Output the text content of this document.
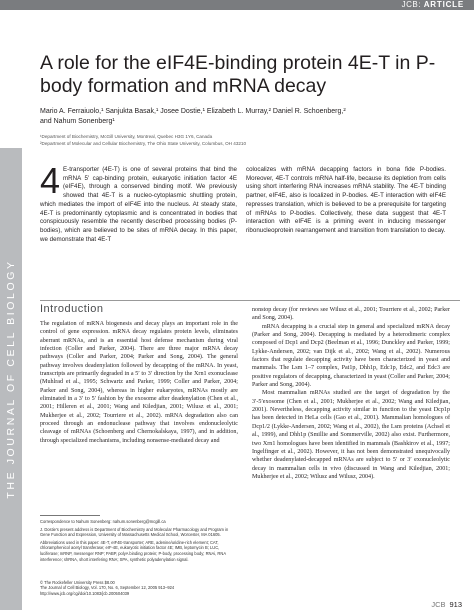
JCB: ARTICLE
THE JOURNAL OF CELL BIOLOGY
A role for the eIF4E-binding protein 4E-T in P-body formation and mRNA decay
Mario A. Ferraiuolo,¹ Sanjukta Basak,¹ Josee Dostie,¹ Elizabeth L. Murray,² Daniel R. Schoenberg,²
and Nahum Sonenberg¹
¹Department of Biochemistry, McGill University, Montreal, Quebec H3G 1Y6, Canada
²Department of Molecular and Cellular Biochemistry, The Ohio State University, Columbus, OH 43210
4 E-transporter (4E-T) is one of several proteins that bind the mRNA 5′ cap-binding protein, eukaryotic initiation factor 4E (eIF4E), through a conserved binding motif. We previously showed that 4E-T is a nucleo-cytoplasmic shuttling protein, which mediates the import of eIF4E into the nucleus. At steady state, 4E-T is predominantly cytoplasmic and is concentrated in bodies that conspicuously resemble the recently described processing bodies (P-bodies), which are believed to be sites of mRNA decay. In this paper, we demonstrate that 4E-T
colocalizes with mRNA decapping factors in bona fide P-bodies. Moreover, 4E-T controls mRNA half-life, because its depletion from cells using short interfering RNA increases mRNA stability. The 4E-T binding partner, eIF4E, also is localized in P-bodies. 4E-T interaction with eIF4E represses translation, which is believed to be a prerequisite for targeting of mRNAs to P-bodies. Collectively, these data suggest that 4E-T interaction with eIF4E is a priming event in inducing messenger ribonucleoprotein rearrangement and transition from translation to decay.
Introduction

The regulation of mRNA biogenesis and decay plays an important role in the control of gene expression. mRNA decay regulates protein levels, eliminates aberrant mRNAs, and is an essential host defense mechanism during viral infection (Coller and Parker, 2004). There are three major mRNA decay pathways (Coller and Parker, 2004; Parker and Song, 2004). The general pathway involves deadenylation followed by decapping of the mRNA. In yeast, transcripts are primarily degraded in a 5′ to 3′ direction by the Xrn1 exonuclease (Muhlrad et al., 1995; Schwartz and Parker, 1999; Coller and Parker, 2004; Parker and Song, 2004), whereas in higher eukaryotes, mRNAs mostly are eliminated in a 3′ to 5′ fashion by the exosome after deadenylation (Chen et al., 2001; Hilleren et al., 2001; Wang and Kiledjian, 2001; Wilusz et al., 2001; Mukherjee et al., 2002; Tourriere et al., 2002). mRNA degradation also can proceed through an endonuclease pathway that involves endonucleolytic cleavage of mRNAs (Schoenberg and Chernokalskaya, 1997), and in addition, through specialized mechanisms, including nonsense-mediated decay and

nonstop decay (for reviews see Wilusz et al., 2001; Tourriere et al., 2002; Parker and Song, 2004).

mRNA decapping is a crucial step in general and specialized mRNA decay (Parker and Song, 2004). Decapping is mediated by a heterodimeric complex composed of Dcp1 and Dcp2 (Beelman et al., 1996; Dunckley and Parker, 1999; Lykke-Andersen, 2002; van Dijk et al., 2002; Wang et al., 2002). Numerous factors that regulate decapping activity have been characterized in yeast and mammals. The Lsm 1–7 complex, Pat1p, Dhh1p, Edc1p, Edc2, and Edc3 are positive regulators of decapping, characterized in yeast (Coller and Parker, 2004; Parker and Song, 2004).

Most mammalian mRNAs studied are the target of degradation by the 3′-5′exosome (Chen et al., 2001; Mukherjee et al., 2002; Wang and Kiledjian, 2001). Nevertheless, decapping activity similar in function to the yeast Dcp1p has been detected in HeLa cells (Gao et al., 2001). Mammalian homologues of Dcp1/2 (Lykke-Andersen, 2002; Wang et al., 2002), the Lsm proteins (Achsel et al., 1999), and Dhh1p (Smillie and Sommerville, 2002) also exist. Furthermore, two Xrn1 homologues have been identified in mammals (Bashkirov et al., 1997; Ingelfinger et al., 2002). However, it has not been demonstrated unequivocally whether deadenylated-decapped mRNAs are subject to 5′ or 3′ exonucleolytic decay in mammalian cells in vivo (discussed in Wang and Kiledjian, 2001; Mukherjee et al., 2002; Wilusz and Wilusz, 2004).

Correspondence to Nahum Sonenberg: nahum.sonenberg@mcgill.ca

J. Dostie's present address is Department of Biochemistry and Molecular Pharmacology and Program in Gene Function and Expression, University of Massachusetts Medical School, Worcester, MA 01605.

Abbreviations used in this paper: 4E-T, eIF4E-transporter; ARE, adenine/uridine-rich element; CAT, chloramphenicol acetyl transferase; eIF-4E, eukaryotic initiation factor 4E; IMB, leptomycin B; LUC, luciferase; mRNP, messenger RNP; PABP, polyA binding protein; P-body, processing body; RNAi, RNA interference; shRNA, short interfering RNA; SPA, synthetic polyadenylation signal.

© The Rockefeller University Press $8.00
The Journal of Cell Biology, Vol. 170, No. 6, September 12, 2005 913–924
http://www.jcb.org/cgi/doi/10.1083/jcb.200504039
JCB 913
